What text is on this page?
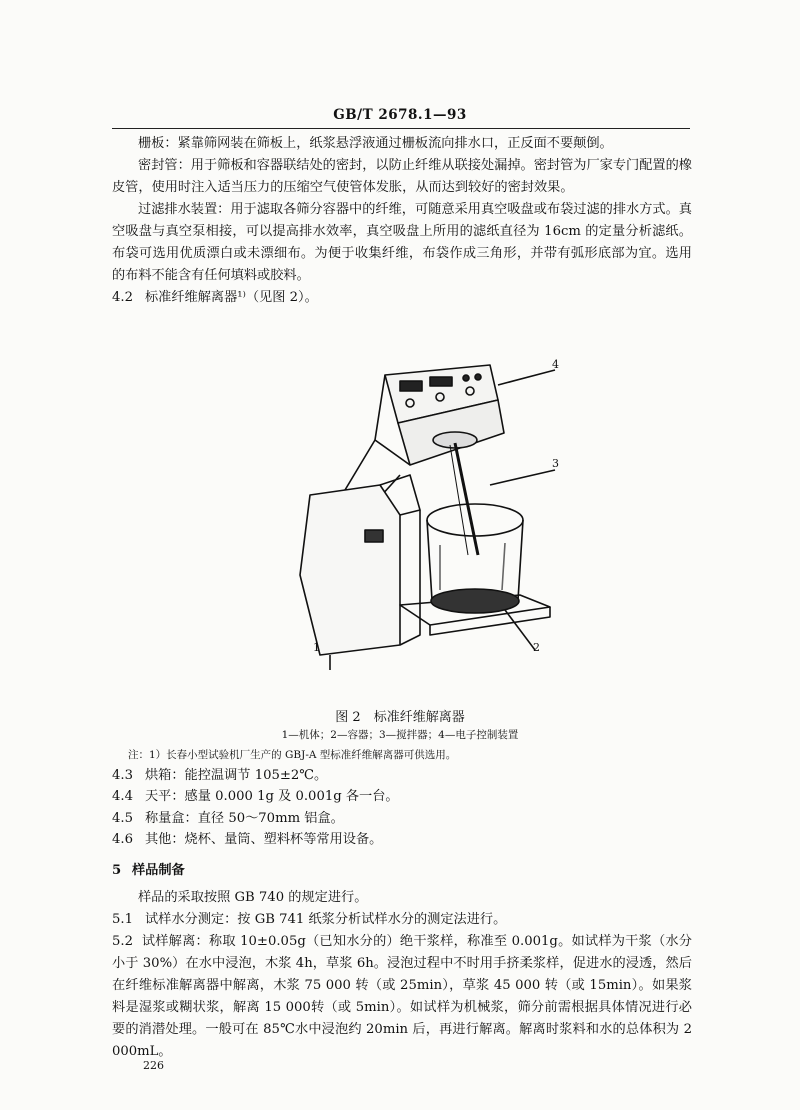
GB/T 2678.1—93
栅板：紧靠筛网装在筛板上，纸浆悬浮液通过栅板流向排水口，正反面不要颠倒。
密封管：用于筛板和容器联结处的密封，以防止纤维从联接处漏掉。密封管为厂家专门配置的橡皮管，使用时注入适当压力的压缩空气使管体发胀，从而达到较好的密封效果。
过滤排水装置：用于滤取各筛分容器中的纤维，可随意采用真空吸盘或布袋过滤的排水方式。真空吸盘与真空泵相接，可以提高排水效率，真空吸盘上所用的滤纸直径为 16cm 的定量分析滤纸。布袋可选用优质漂白或未漂细布。为便于收集纤维，布袋作成三角形，并带有弧形底部为宜。选用的布料不能含有任何填料或胶料。
4.2 标准纤维解离器¹⁾（见图 2）。
4
3
2
1
图 2　标准纤维解离器
1—机体；2—容器；3—搅拌器；4—电子控制装置
注：1）长春小型试验机厂生产的 GBJ-A 型标准纤维解离器可供选用。
4.3 烘箱：能控温调节 105±2℃。
4.4 天平：感量 0.000 1g 及 0.001g 各一台。
4.5 称量盒：直径 50～70mm 铝盒。
4.6 其他：烧杯、量筒、塑料杯等常用设备。
5 样品制备
样品的采取按照 GB 740 的规定进行。
5.1 试样水分测定：按 GB 741 纸浆分析试样水分的测定法进行。
5.2 试样解离：称取 10±0.05g（已知水分的）绝干浆样，称准至 0.001g。如试样为干浆（水分小于 30%）在水中浸泡，木浆 4h，草浆 6h。浸泡过程中不时用手挤柔浆样，促进水的浸透，然后在纤维标准解离器中解离，木浆 75 000 转（或 25min），草浆 45 000 转（或 15min）。如果浆料是湿浆或糊状浆，解离 15 000转（或 5min）。如试样为机械浆，筛分前需根据具体情况进行必要的消潜处理。一般可在 85℃水中浸泡约 20min 后，再进行解离。解离时浆料和水的总体积为 2 000mL。
226
